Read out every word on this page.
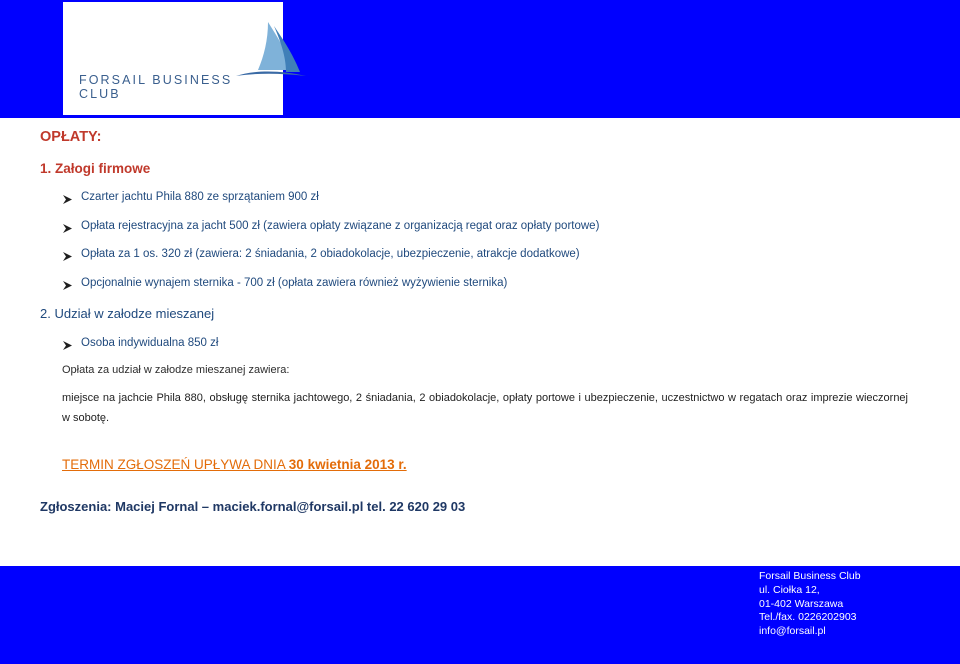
FORSAIL BUSINESS CLUB
OPŁATY:
1. Załogi firmowe
Czarter jachtu Phila 880 ze sprzątaniem 900 zł
Opłata rejestracyjna za jacht 500 zł (zawiera opłaty związane z organizacją regat oraz opłaty portowe)
Opłata za 1 os. 320 zł (zawiera: 2 śniadania, 2 obiadokolacje, ubezpieczenie, atrakcje dodatkowe)
Opcjonalnie wynajem sternika - 700 zł (opłata zawiera również wyżywienie sternika)
2. Udział w załodze mieszanej
Osoba indywidualna 850 zł
Opłata za udział w załodze mieszanej zawiera:
miejsce na jachcie Phila 880, obsługę sternika jachtowego, 2 śniadania, 2 obiadokolacje, opłaty portowe i ubezpieczenie, uczestnictwo w regatach oraz imprezie wieczornej w sobotę.
TERMIN ZGŁOSZEŃ UPŁYWA DNIA 30 kwietnia 2013 r.
Zgłoszenia: Maciej Fornal – maciek.fornal@forsail.pl tel. 22 620 29 03
Forsail Business Club
ul. Ciołka 12,
01-402 Warszawa
Tel./fax. 0226202903
info@forsail.pl
